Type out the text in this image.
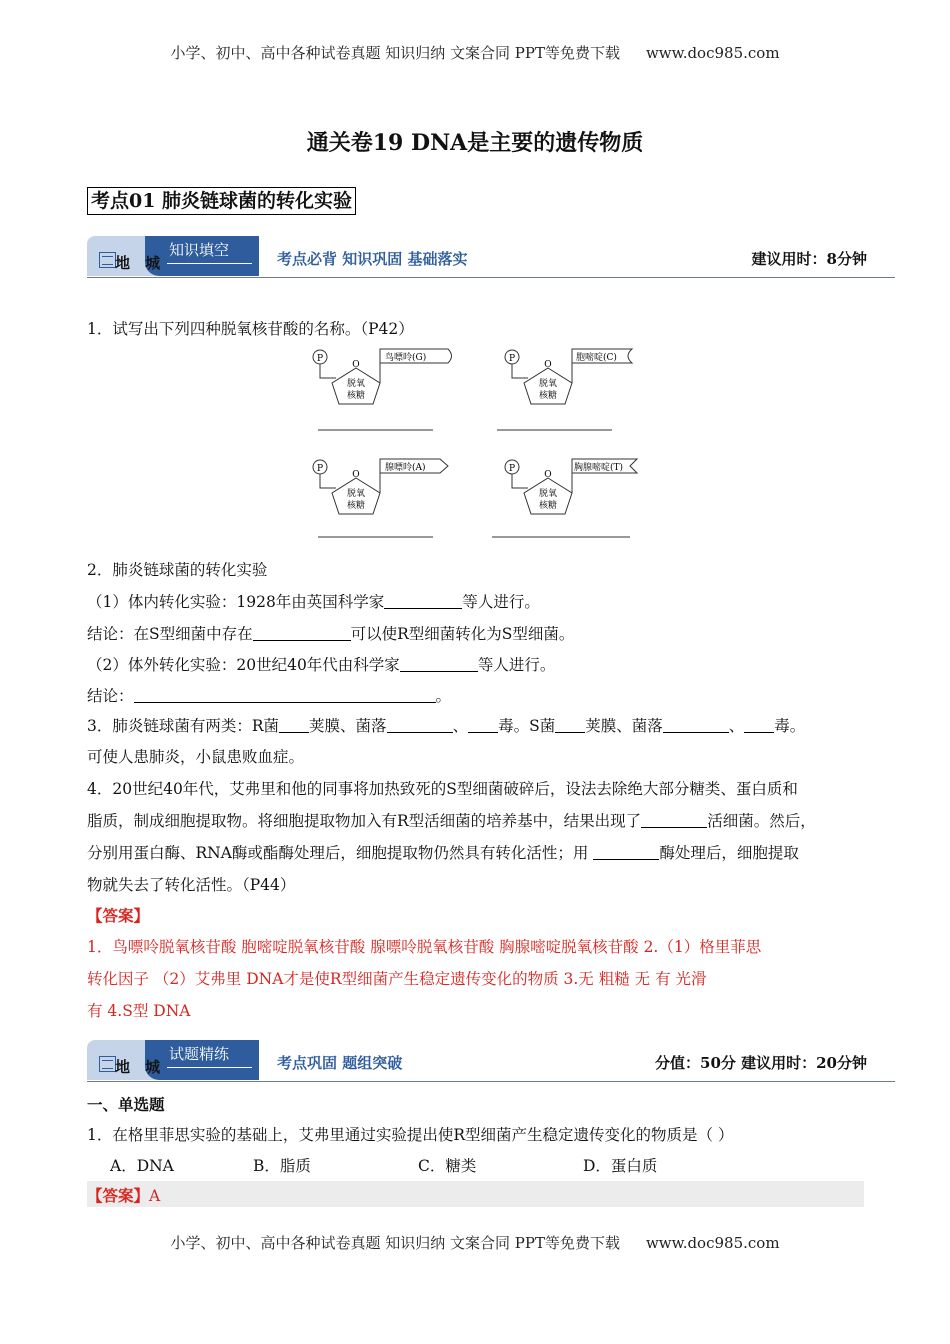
小学、初中、高中各种试卷真题 知识归纳 文案合同 PPT等免费下载 www.doc985.com
通关卷19 DNA是主要的遗传物质
考点01 肺炎链球菌的转化实验
知识填空
地 城	考点必背 知识巩固 基础落实	建议用时：8分钟
1．试写出下列四种脱氧核苷酸的名称。（P42）
P
O
脱氧
核糖
鸟嘌呤(G)	P
O
脱氧
核糖
胞嘧啶(C)
P
O
脱氧
核糖
腺嘌呤(A)	P
O
脱氧
核糖
胸腺嘧啶(T)
2．肺炎链球菌的转化实验
（1）体内转化实验：1928年由英国科学家	等人进行。
结论：在S型细菌中存在	可以使R型细菌转化为S型细菌。
（2）体外转化实验：20世纪40年代由科学家	等人进行。
结论：	。
3．肺炎链球菌有两类：R菌 荚膜、菌落	、 毒。S菌 荚膜、菌落	、 毒。
可使人患肺炎，小鼠患败血症。
4．20世纪40年代，艾弗里和他的同事将加热致死的S型细菌破碎后，设法去除绝大部分糖类、蛋白质和
脂质，制成细胞提取物。将细胞提取物加入有R型活细菌的培养基中，结果出现了	活细菌。然后，
分别用蛋白酶、RNA酶或酯酶处理后，细胞提取物仍然具有转化活性；用	酶处理后，细胞提取
物就失去了转化活性。（P44）
【答案】
1．鸟嘌呤脱氧核苷酸 胞嘧啶脱氧核苷酸 腺嘌呤脱氧核苷酸 胸腺嘧啶脱氧核苷酸 2.（1）格里菲思
转化因子 （2）艾弗里 DNA才是使R型细菌产生稳定遗传变化的物质 3.无 粗糙 无 有 光滑
有 4.S型 DNA
试题精练
地 城	考点巩固 题组突破	分值：50分 建议用时：20分钟
一、单选题
1．在格里菲思实验的基础上，艾弗里通过实验提出使R型细菌产生稳定遗传变化的物质是（ ）
A．DNA	B．脂质	C．糖类	D．蛋白质
【答案】A
小学、初中、高中各种试卷真题 知识归纳 文案合同 PPT等免费下载 www.doc985.com
